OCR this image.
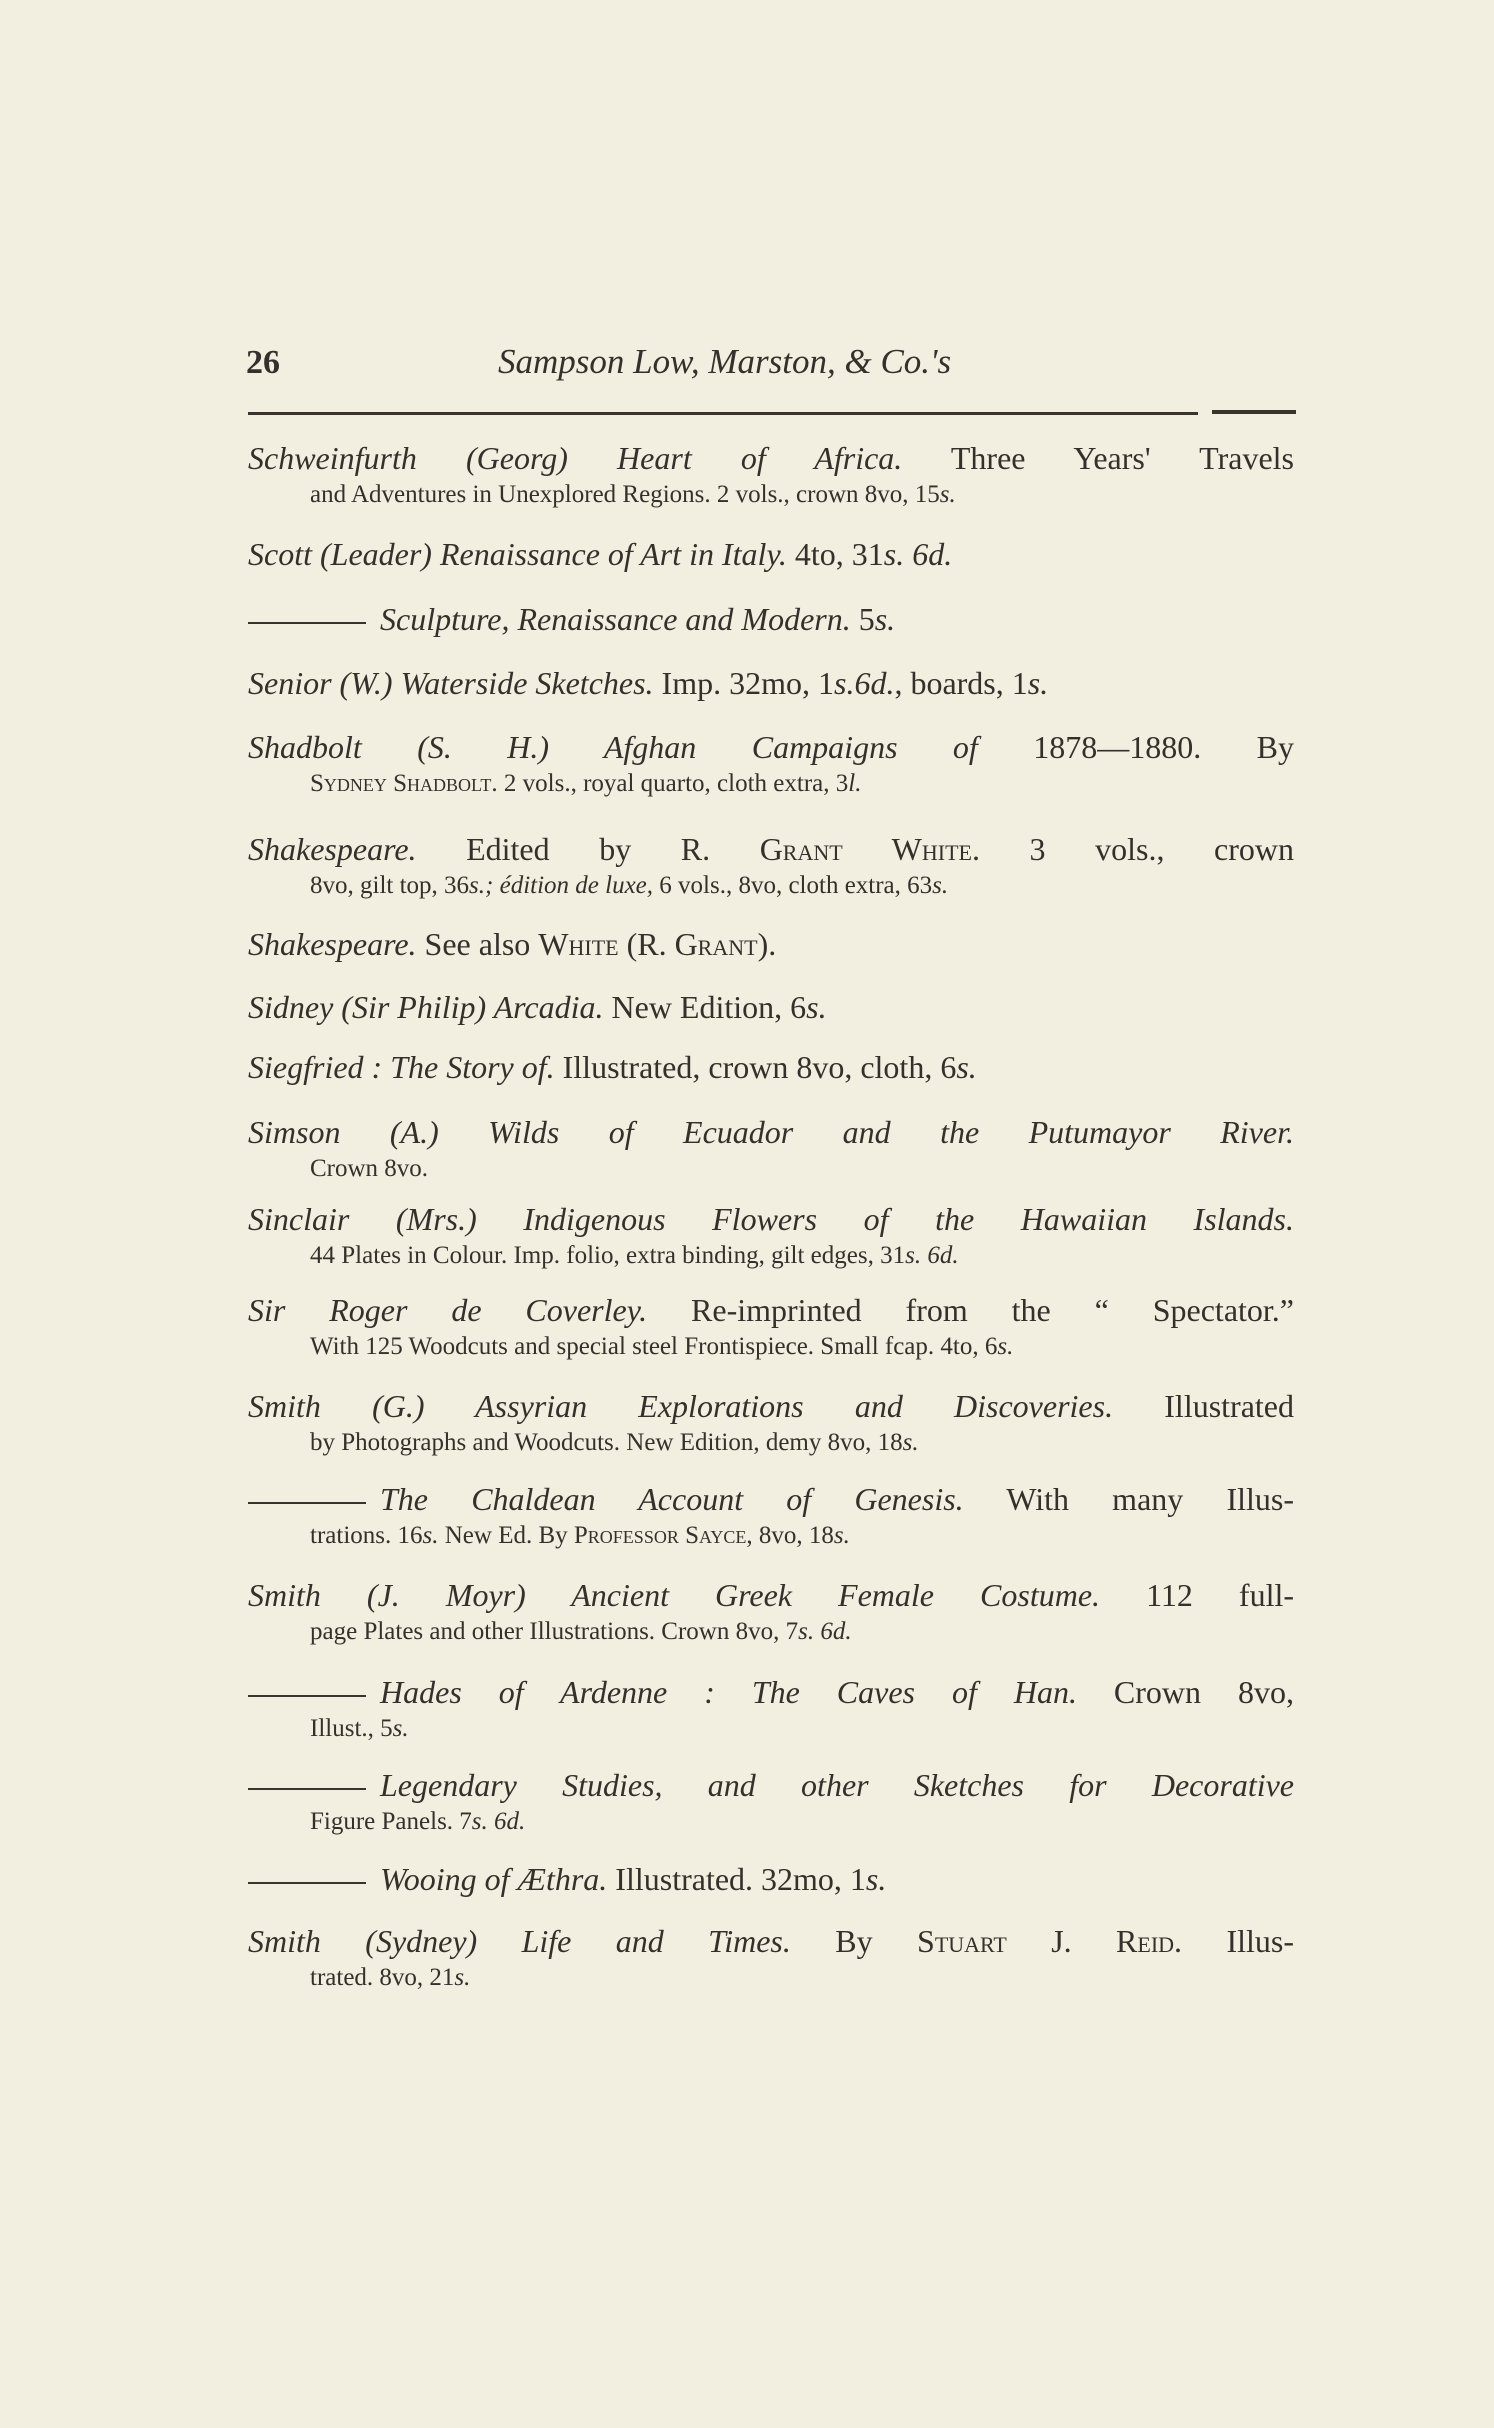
26	Sampson Low, Marston, & Co.'s
Schweinfurth (Georg) Heart of Africa. Three Years' Travels
and Adventures in Unexplored Regions. 2 vols., crown 8vo, 15s.
Scott (Leader) Renaissance of Art in Italy. 4to, 31s. 6d.
Sculpture, Renaissance and Modern. 5s.
Senior (W.) Waterside Sketches. Imp. 32mo, 1s.6d., boards, 1s.
Shadbolt (S. H.) Afghan Campaigns of 1878—1880. By
Sydney Shadbolt. 2 vols., royal quarto, cloth extra, 3l.
Shakespeare. Edited by R. Grant White. 3 vols., crown
8vo, gilt top, 36s.; édition de luxe, 6 vols., 8vo, cloth extra, 63s.
Shakespeare. See also White (R. Grant).
Sidney (Sir Philip) Arcadia. New Edition, 6s.
Siegfried : The Story of. Illustrated, crown 8vo, cloth, 6s.
Simson (A.) Wilds of Ecuador and the Putumayor River.
Crown 8vo.
Sinclair (Mrs.) Indigenous Flowers of the Hawaiian Islands.
44 Plates in Colour. Imp. folio, extra binding, gilt edges, 31s. 6d.
Sir Roger de Coverley. Re-imprinted from the “ Spectator.”
With 125 Woodcuts and special steel Frontispiece. Small fcap. 4to, 6s.
Smith (G.) Assyrian Explorations and Discoveries. Illustrated
by Photographs and Woodcuts. New Edition, demy 8vo, 18s.
The Chaldean Account of Genesis. With many Illus-
trations. 16s. New Ed. By Professor Sayce, 8vo, 18s.
Smith (J. Moyr) Ancient Greek Female Costume. 112 full-
page Plates and other Illustrations. Crown 8vo, 7s. 6d.
Hades of Ardenne : The Caves of Han. Crown 8vo,
Illust., 5s.
Legendary Studies, and other Sketches for Decorative
Figure Panels. 7s. 6d.
Wooing of Æthra. Illustrated. 32mo, 1s.
Smith (Sydney) Life and Times. By Stuart J. Reid. Illus-
trated. 8vo, 21s.
